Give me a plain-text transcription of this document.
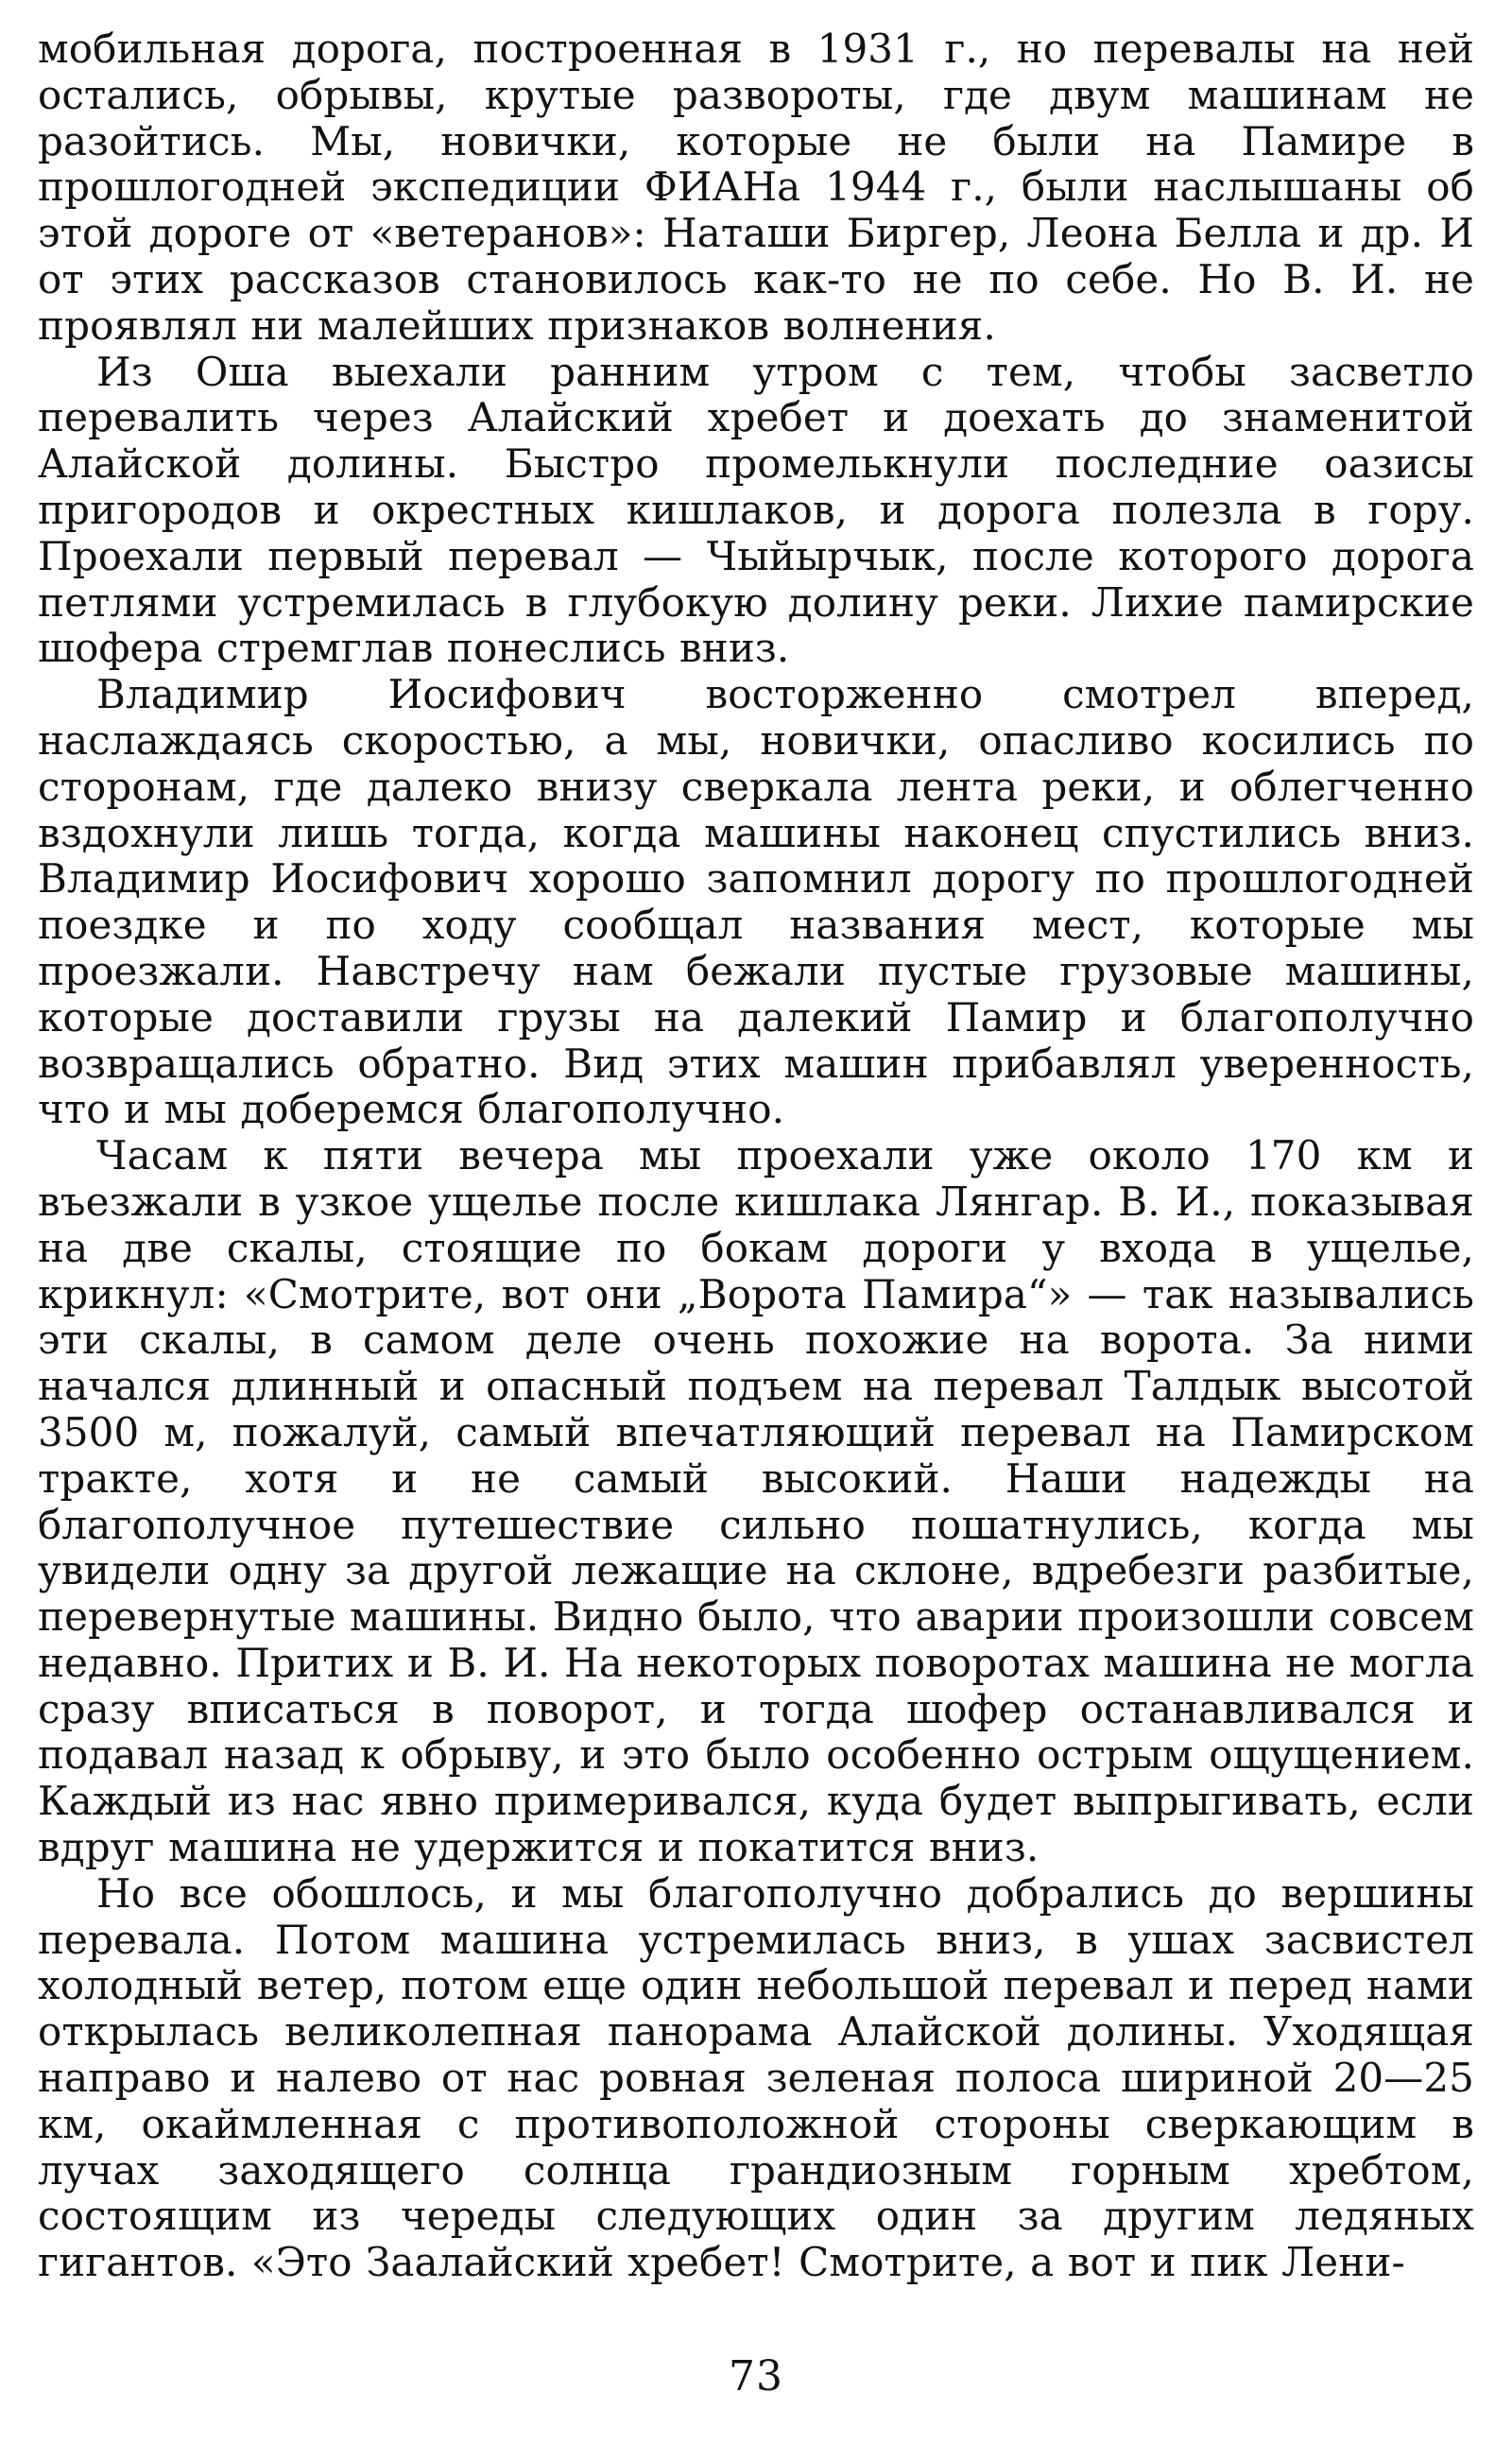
мобильная дорога, построенная в 1931 г., но перевалы на ней остались, обрывы, крутые развороты, где двум машинам не разойтись. Мы, новички, которые не были на Памире в прошлогодней экспедиции ФИАНа 1944 г., были наслышаны об этой дороге от «ветеранов»: Наташи Биргер, Леона Белла и др. И от этих рассказов становилось как-то не по себе. Но В. И. не проявлял ни малейших признаков волнения.

Из Оша выехали ранним утром с тем, чтобы засветло перевалить через Алайский хребет и доехать до знаменитой Алайской долины. Быстро промелькнули последние оазисы пригородов и окрестных кишлаков, и дорога полезла в гору. Проехали первый перевал — Чыйырчык, после которого дорога петлями устремилась в глубокую долину реки. Лихие памирские шофера стремглав понеслись вниз.

Владимир Иосифович восторженно смотрел вперед, наслаждаясь скоростью, а мы, новички, опасливо косились по сторонам, где далеко внизу сверкала лента реки, и облегченно вздохнули лишь тогда, когда машины наконец спустились вниз. Владимир Иосифович хорошо запомнил дорогу по прошлогодней поездке и по ходу сообщал названия мест, которые мы проезжали. Навстречу нам бежали пустые грузовые машины, которые доставили грузы на далекий Памир и благополучно возвращались обратно. Вид этих машин прибавлял уверенность, что и мы доберемся благополучно.

Часам к пяти вечера мы проехали уже около 170 км и въезжали в узкое ущелье после кишлака Лянгар. В. И., показывая на две скалы, стоящие по бокам дороги у входа в ущелье, крикнул: «Смотрите, вот они „Ворота Памира“» — так назывались эти скалы, в самом деле очень похожие на ворота. За ними начался длинный и опасный подъем на перевал Талдык высотой 3500 м, пожалуй, самый впечатляющий перевал на Памирском тракте, хотя и не самый высокий. Наши надежды на благополучное путешествие сильно пошатнулись, когда мы увидели одну за другой лежащие на склоне, вдребезги разбитые, перевернутые машины. Видно было, что аварии произошли совсем недавно. Притих и В. И. На некоторых поворотах машина не могла сразу вписаться в поворот, и тогда шофер останавливался и подавал назад к обрыву, и это было особенно острым ощущением. Каждый из нас явно примеривался, куда будет выпрыгивать, если вдруг машина не удержится и покатится вниз.

Но все обошлось, и мы благополучно добрались до вершины перевала. Потом машина устремилась вниз, в ушах засвистел холодный ветер, потом еще один небольшой перевал и перед нами открылась великолепная панорама Алайской долины. Уходящая направо и налево от нас ровная зеленая полоса шириной 20—25 км, окаймленная с противоположной стороны сверкающим в лучах заходящего солнца грандиозным горным хребтом, состоящим из череды следующих один за другим ледяных гигантов. «Это Заалайский хребет! Смотрите, а вот и пик Лени-

73
